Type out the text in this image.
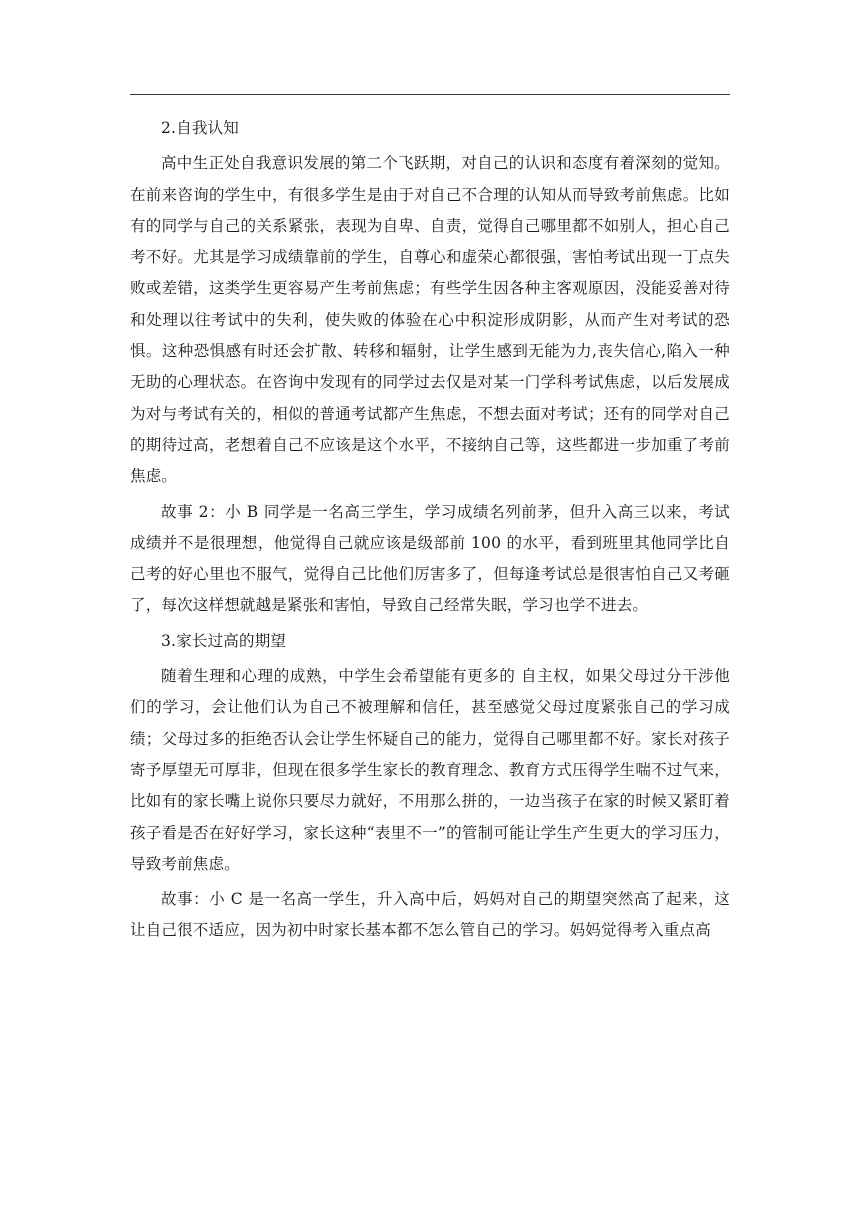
2.自我认知

高中生正处自我意识发展的第二个飞跃期，对自己的认识和态度有着深刻的觉知。在前来咨询的学生中，有很多学生是由于对自己不合理的认知从而导致考前焦虑。比如有的同学与自己的关系紧张，表现为自卑、自责，觉得自己哪里都不如别人，担心自己考不好。尤其是学习成绩靠前的学生，自尊心和虚荣心都很强，害怕考试出现一丁点失败或差错，这类学生更容易产生考前焦虑；有些学生因各种主客观原因，没能妥善对待和处理以往考试中的失利，使失败的体验在心中积淀形成阴影，从而产生对考试的恐惧。这种恐惧感有时还会扩散、转移和辐射，让学生感到无能为力,丧失信心,陷入一种无助的心理状态。在咨询中发现有的同学过去仅是对某一门学科考试焦虑，以后发展成为对与考试有关的，相似的普通考试都产生焦虑，不想去面对考试；还有的同学对自己的期待过高，老想着自己不应该是这个水平，不接纳自己等，这些都进一步加重了考前焦虑。

故事 2：小 B 同学是一名高三学生，学习成绩名列前茅，但升入高三以来，考试成绩并不是很理想，他觉得自己就应该是级部前 100 的水平，看到班里其他同学比自己考的好心里也不服气，觉得自己比他们厉害多了，但每逢考试总是很害怕自己又考砸了，每次这样想就越是紧张和害怕，导致自己经常失眠，学习也学不进去。

3.家长过高的期望

随着生理和心理的成熟，中学生会希望能有更多的 自主权，如果父母过分干涉他们的学习，会让他们认为自己不被理解和信任，甚至感觉父母过度紧张自己的学习成 绩；父母过多的拒绝否认会让学生怀疑自己的能力，觉得自己哪里都不好。家长对孩子寄予厚望无可厚非，但现在很多学生家长的教育理念、教育方式压得学生喘不过气来，比如有的家长嘴上说你只要尽力就好，不用那么拼的，一边当孩子在家的时候又紧盯着孩子看是否在好好学习，家长这种“表里不一”的管制可能让学生产生更大的学习压力，导致考前焦虑。

故事：小 C 是一名高一学生，升入高中后，妈妈对自己的期望突然高了起来，这让自己很不适应，因为初中时家长基本都不怎么管自己的学习。妈妈觉得考入重点高
